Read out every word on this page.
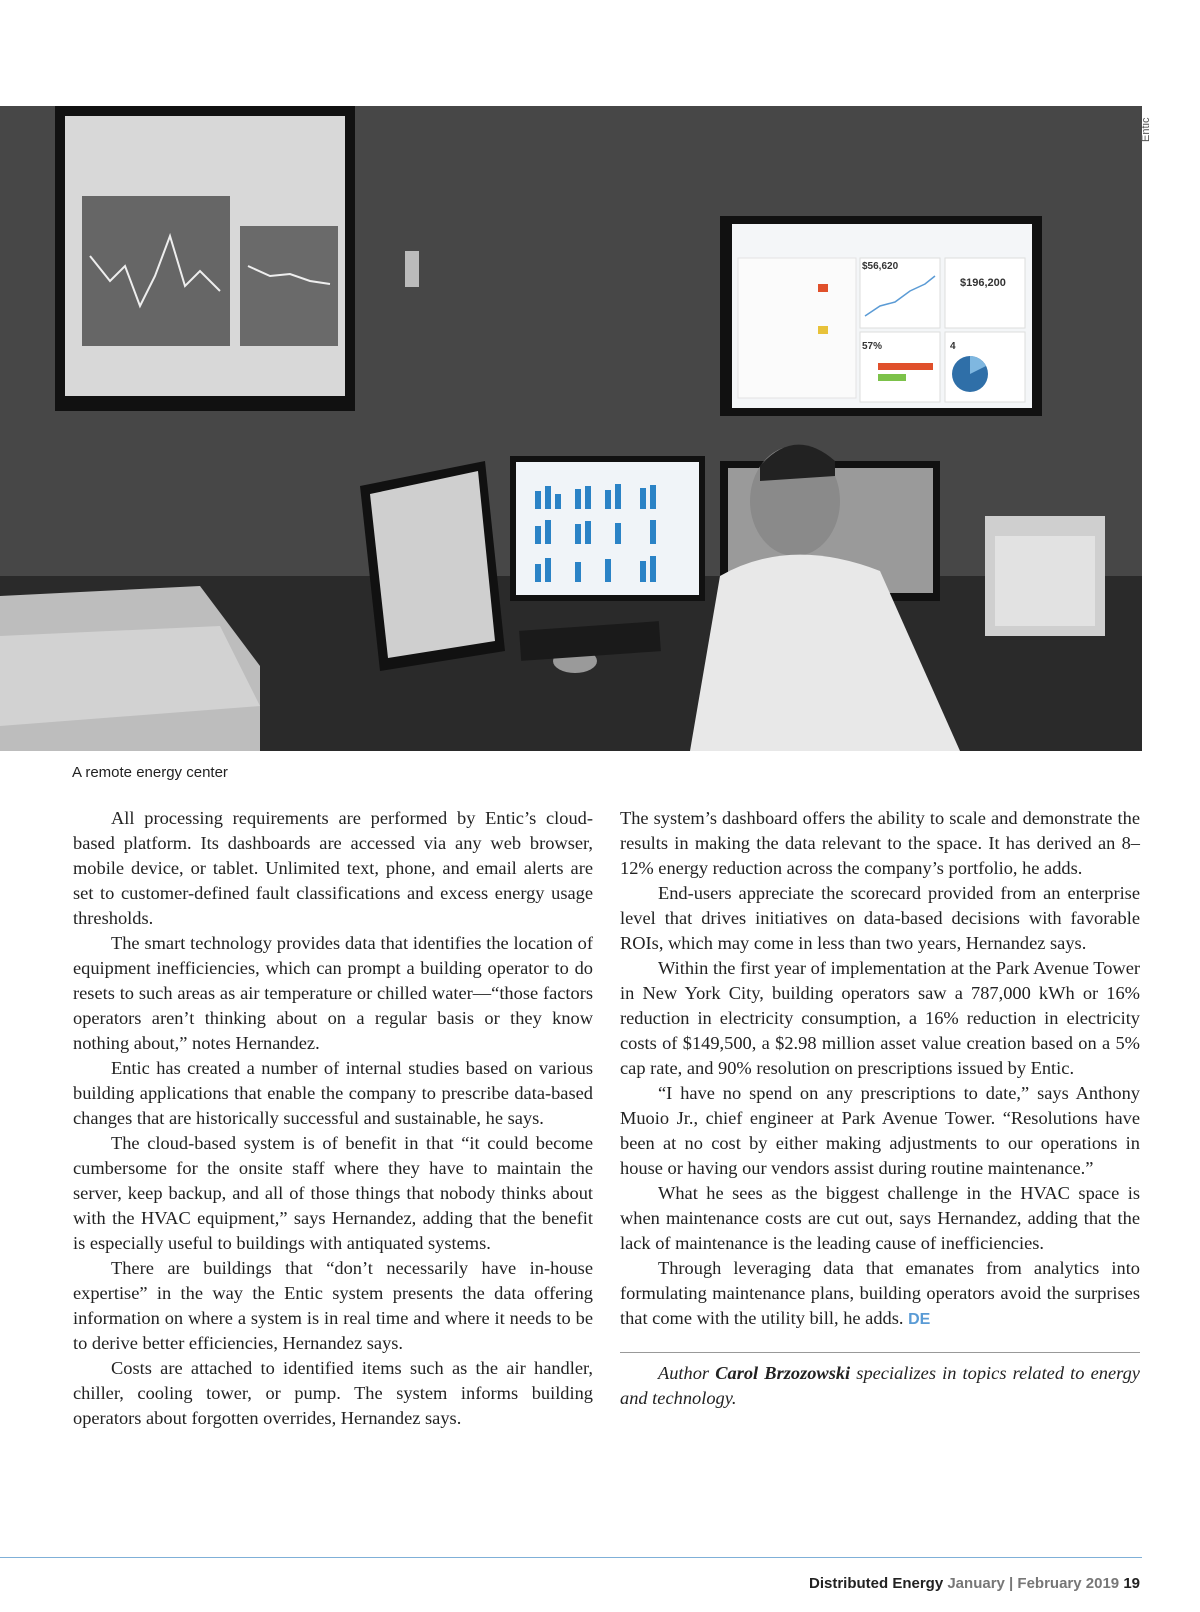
$56,620
$196,200
57%	4
Entic
A remote energy center

All processing requirements are performed by Entic’s cloud-based platform. Its dashboards are accessed via any web browser, mobile device, or tablet. Unlimited text, phone, and email alerts are set to customer-defined fault classifications and excess energy usage thresholds.

The smart technology provides data that identifies the location of equipment inefficiencies, which can prompt a building operator to do resets to such areas as air temperature or chilled water—“those factors operators aren’t thinking about on a regular basis or they know nothing about,” notes Hernandez.

Entic has created a number of internal studies based on various building applications that enable the company to prescribe data-based changes that are historically successful and sustainable, he says.

The cloud-based system is of benefit in that “it could become cumbersome for the onsite staff where they have to maintain the server, keep backup, and all of those things that nobody thinks about with the HVAC equipment,” says Hernandez, adding that the benefit is especially useful to buildings with antiquated systems.

There are buildings that “don’t necessarily have in-house expertise” in the way the Entic system presents the data offering information on where a system is in real time and where it needs to be to derive better efficiencies, Hernandez says.

Costs are attached to identified items such as the air handler, chiller, cooling tower, or pump. The system informs building operators about forgotten overrides, Hernandez says.

The system’s dashboard offers the ability to scale and demonstrate the results in making the data relevant to the space. It has derived an 8–12% energy reduction across the company’s portfolio, he adds.

End-users appreciate the scorecard provided from an enterprise level that drives initiatives on data-based decisions with favorable ROIs, which may come in less than two years, Hernandez says.

Within the first year of implementation at the Park Avenue Tower in New York City, building operators saw a 787,000 kWh or 16% reduction in electricity consumption, a 16% reduction in electricity costs of $149,500, a $2.98 million asset value creation based on a 5% cap rate, and 90% resolution on prescriptions issued by Entic.

“I have no spend on any prescriptions to date,” says Anthony Muoio Jr., chief engineer at Park Avenue Tower. “Resolutions have been at no cost by either making adjustments to our operations in house or having our vendors assist during routine maintenance.”

What he sees as the biggest challenge in the HVAC space is when maintenance costs are cut out, says Hernandez, adding that the lack of maintenance is the leading cause of inefficiencies.

Through leveraging data that emanates from analytics into formulating maintenance plans, building operators avoid the surprises that come with the utility bill, he adds. DE

Author Carol Brzozowski specializes in topics related to energy and technology.

Distributed Energy January | February 2019 19
